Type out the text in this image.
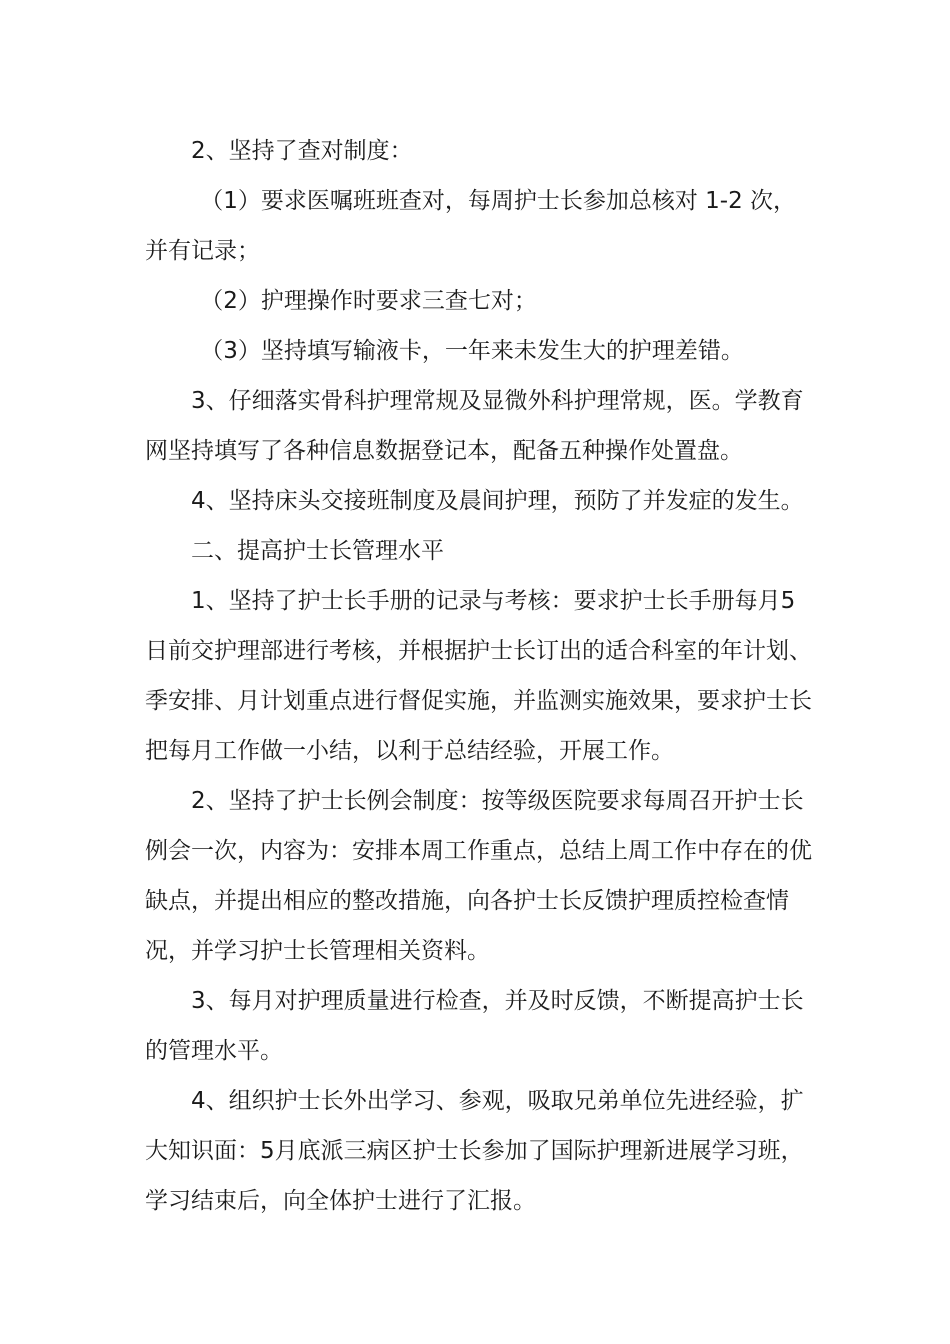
2、坚持了查对制度：

（1）要求医嘱班班查对，每周护士长参加总核对 1-2 次，并有记录；

（2）护理操作时要求三查七对；

（3）坚持填写输液卡，一年来未发生大的护理差错。

3、仔细落实骨科护理常规及显微外科护理常规，医。学教育网坚持填写了各种信息数据登记本，配备五种操作处置盘。

4、坚持床头交接班制度及晨间护理，预防了并发症的发生。

二、提高护士长管理水平

1、坚持了护士长手册的记录与考核：要求护士长手册每月5日前交护理部进行考核，并根据护士长订出的适合科室的年计划、季安排、月计划重点进行督促实施，并监测实施效果，要求护士长把每月工作做一小结，以利于总结经验，开展工作。

2、坚持了护士长例会制度：按等级医院要求每周召开护士长例会一次，内容为：安排本周工作重点，总结上周工作中存在的优缺点，并提出相应的整改措施，向各护士长反馈护理质控检查情况，并学习护士长管理相关资料。

3、每月对护理质量进行检查，并及时反馈，不断提高护士长的管理水平。

4、组织护士长外出学习、参观，吸取兄弟单位先进经验，扩大知识面：5月底派三病区护士长参加了国际护理新进展学习班，学习结束后，向全体护士进行了汇报。
